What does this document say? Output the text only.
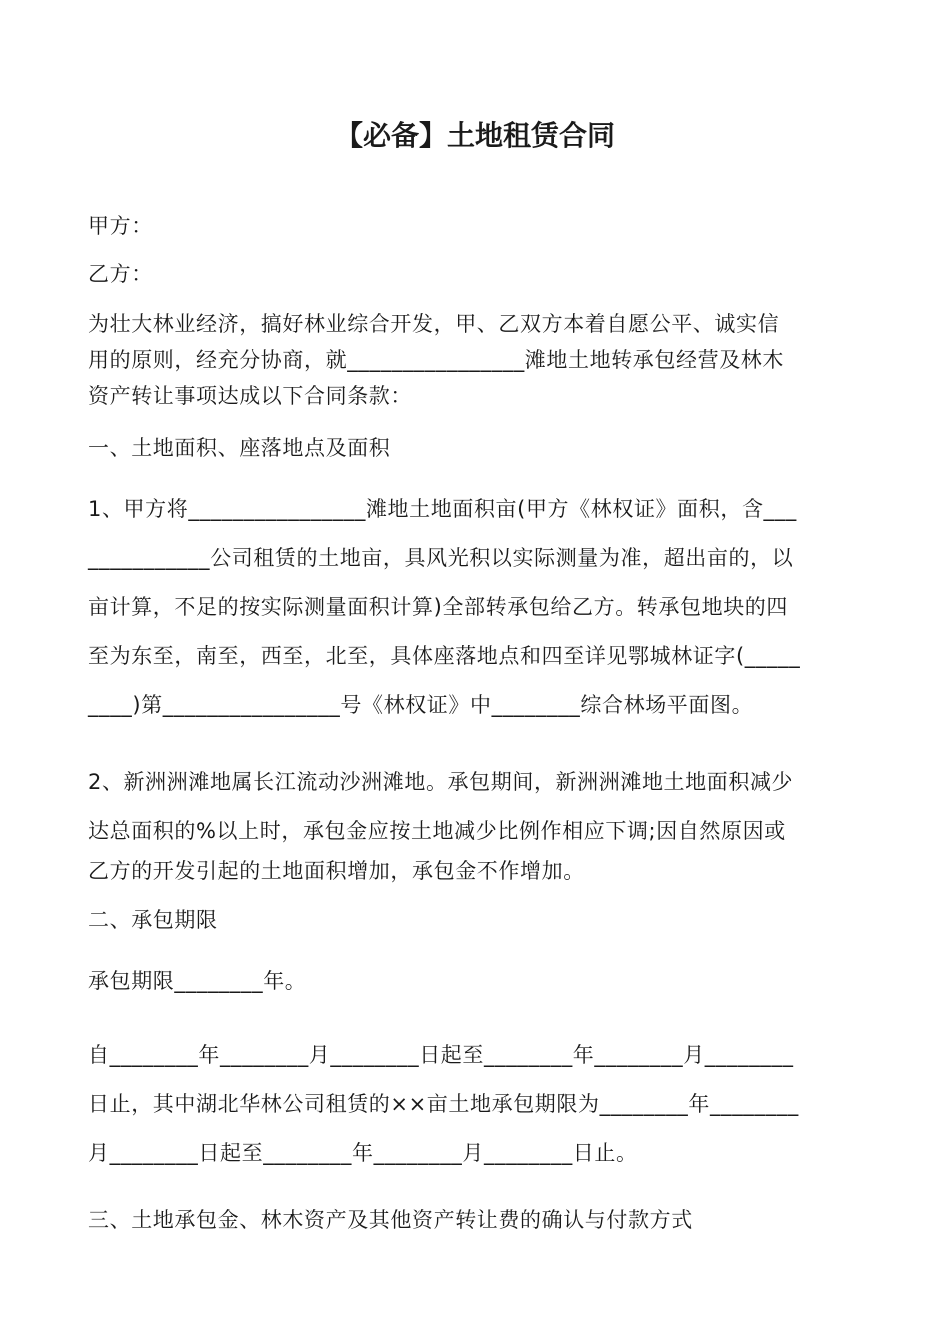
【必备】土地租赁合同

甲方：

乙方：

为壮大林业经济，搞好林业综合开发，甲、乙双方本着自愿公平、诚实信
用的原则，经充分协商，就________________滩地土地转承包经营及林木
资产转让事项达成以下合同条款：

一、土地面积、座落地点及面积

1、甲方将________________滩地土地面积亩(甲方《林权证》面积，含___
___________公司租赁的土地亩，具风光积以实际测量为准，超出亩的，以
亩计算，不足的按实际测量面积计算)全部转承包给乙方。转承包地块的四
至为东至，南至，西至，北至，具体座落地点和四至详见鄂城林证字(_____
____)第________________号《林权证》中________综合林场平面图。

2、新洲洲滩地属长江流动沙洲滩地。承包期间，新洲洲滩地土地面积减少
达总面积的%以上时，承包金应按土地减少比例作相应下调;因自然原因或

乙方的开发引起的土地面积增加，承包金不作增加。

二、承包期限

承包期限________年。

自________年________月________日起至________年________月________
日止，其中湖北华林公司租赁的××亩土地承包期限为________年________
月________日起至________年________月________日止。

三、土地承包金、林木资产及其他资产转让费的确认与付款方式
